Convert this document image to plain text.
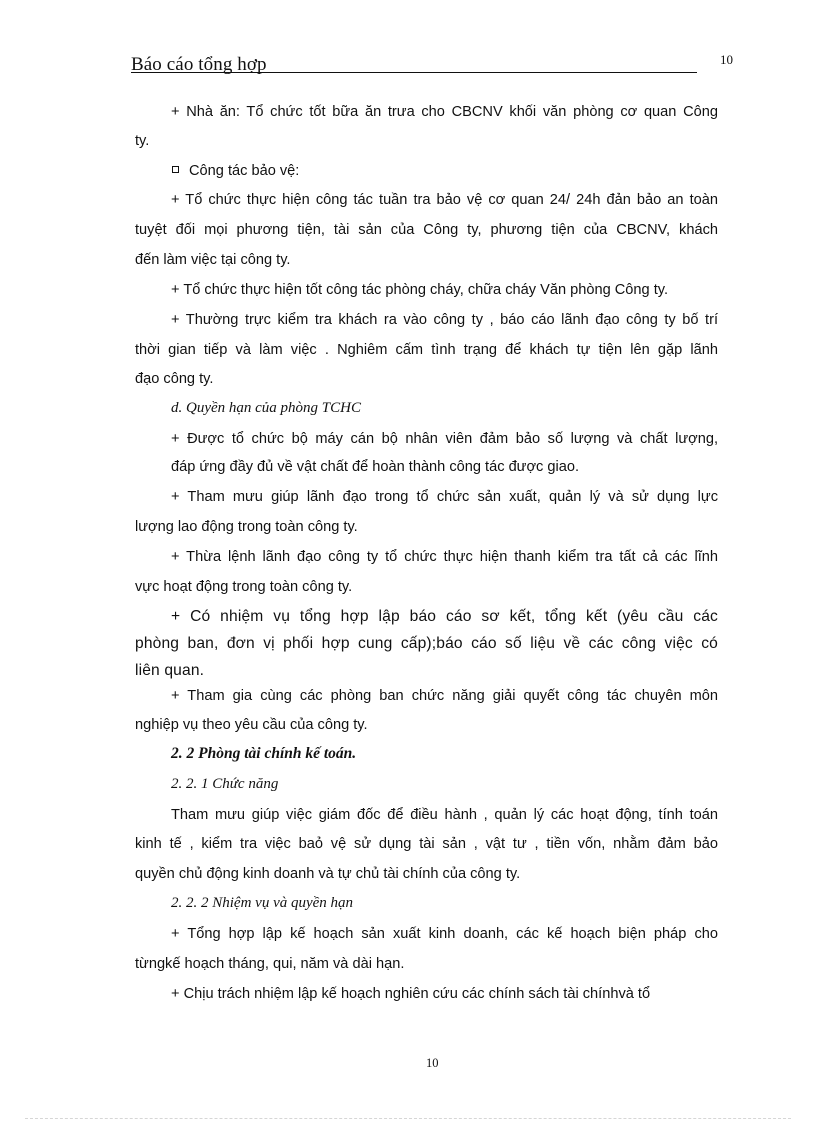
Báo cáo tổng hợp	10
+ Nhà ăn: Tổ chức tốt bữa ăn trưa cho CBCNV khối văn phòng cơ quan Công
ty.
Công tác bảo vệ:
+ Tổ chức thực hiện công tác tuần tra bảo vệ cơ quan 24/ 24h đản bảo an toàn
tuyệt đối mọi phương tiện, tài sản của Công ty, phương tiện của CBCNV, khách
đến làm việc tại công ty.
+ Tổ chức thực hiện tốt công tác phòng cháy, chữa cháy Văn phòng Công ty.
+ Thường trực kiểm tra khách ra vào công ty , báo cáo lãnh đạo công ty bố trí
thời gian tiếp và làm việc . Nghiêm cấm tình trạng để khách tự tiện lên gặp lãnh
đạo công ty.
d. Quyền hạn của phòng TCHC
+ Được tổ chức bộ máy cán bộ nhân viên đảm bảo số lượng và chất lượng,
đáp ứng đầy đủ về vật chất để hoàn thành công tác được giao.
+ Tham mưu giúp lãnh đạo trong tổ chức sản xuất, quản lý và sử dụng lực
lượng lao động trong toàn công ty.
+ Thừa lệnh lãnh đạo công ty tổ chức thực hiện thanh kiểm tra tất cả các lĩnh
vực hoạt động trong toàn công ty.
+ Có nhiệm vụ tổng hợp lập báo cáo sơ kết, tổng kết (yêu cầu các
phòng ban, đơn vị phối hợp cung cấp);báo cáo số liệu về các công việc có
liên quan.
+ Tham gia cùng các phòng ban chức năng giải quyết công tác chuyên môn
nghiệp vụ theo yêu cầu của công ty.
2. 2 Phòng tài chính kế toán.
2. 2. 1 Chức năng
Tham mưu giúp việc giám đốc để điều hành , quản lý các hoạt động, tính toán
kinh tế , kiểm tra việc baỏ vệ sử dụng tài sản , vật tư , tiền vốn, nhằm đảm bảo
quyền chủ động kinh doanh và tự chủ tài chính của công ty.
2. 2. 2 Nhiệm vụ và quyền hạn
+ Tổng hợp lập kế hoạch sản xuất kinh doanh, các kế hoạch biện pháp cho
từngkế hoạch tháng, qui, năm và dài hạn.
+ Chịu trách nhiệm lập kế hoạch nghiên cứu các chính sách tài chínhvà tổ
10
